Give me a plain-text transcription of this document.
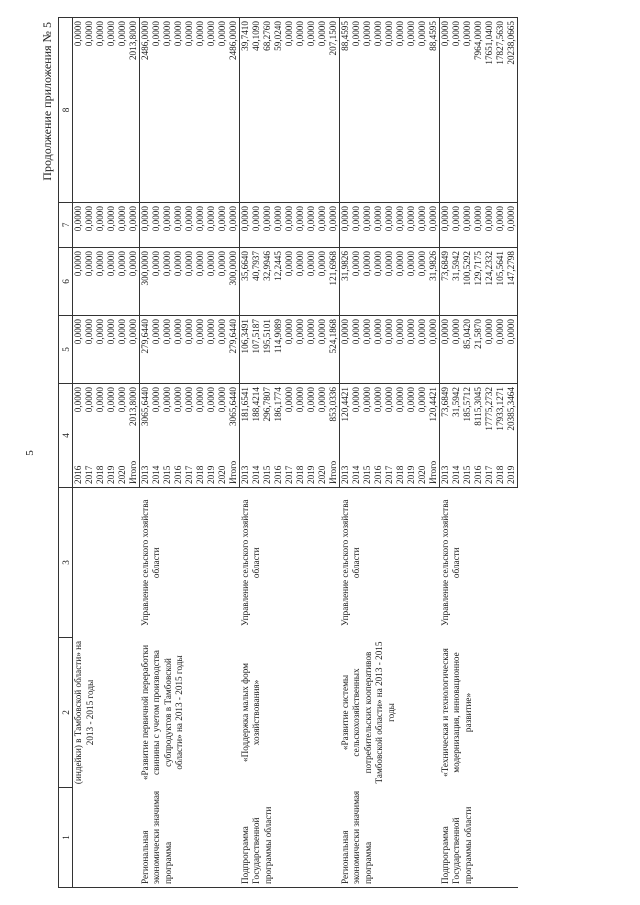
5
Продолжение приложения № 5
1	2	3	4		5	6	7	8
	(индейки) в Тамбовской области» на 2013 - 2015 годы		2016	0,0000	0,0000	0,0000	0,0000	0,0000
			2017	0,0000	0,0000	0,0000	0,0000	0,0000
			2018	0,0000	0,0000	0,0000	0,0000	0,0000
			2019	0,0000	0,0000	0,0000	0,0000	0,0000
			2020	0,0000	0,0000	0,0000	0,0000	0,0000
			Итого	2013,8000	0,0000	0,0000	0,0000	2013,8000
Региональная экономически значимая программа	«Развитие первичной переработки свинины с учетом производства субпродуктов в Тамбовской области» на 2013 - 2015 годы	Управление сельского хозяйства области	2013	3065,6440	279,6440	300,0000	0,0000	2486,0000
			2014	0,0000	0,0000	0,0000	0,0000	0,0000
			2015	0,0000	0,0000	0,0000	0,0000	0,0000
			2016	0,0000	0,0000	0,0000	0,0000	0,0000
			2017	0,0000	0,0000	0,0000	0,0000	0,0000
			2018	0,0000	0,0000	0,0000	0,0000	0,0000
			2019	0,0000	0,0000	0,0000	0,0000	0,0000
			2020	0,0000	0,0000	0,0000	0,0000	0,0000
			Итого	3065,6440	279,6440	300,0000	0,0000	2486,0000
Подпрограмма Государственной программы области	«Поддержка малых форм хозяйствования»	Управление сельского хозяйства области	2013	181,6541	106,3491	35,6640	0,0000	39,7410
			2014	188,4214	107,5187	40,7937	0,0000	40,1090
			2015	296,7807	195,5101	32,9946	0,0000	68,2760
			2016	186,1774	114,9089	12,2445	0,0000	59,0240
			2017	0,0000	0,0000	0,0000	0,0000	0,0000
			2018	0,0000	0,0000	0,0000	0,0000	0,0000
			2019	0,0000	0,0000	0,0000	0,0000	0,0000
			2020	0,0000	0,0000	0,0000	0,0000	0,0000
			Итого	853,0336	524,1868	121,6968	0,0000	207,1500
Региональная экономически значимая программа	«Развитие системы сельскохозяйственных потребительских кооперативов Тамбовской области» на 2013 - 2015 годы	Управление сельского хозяйства области	2013	120,4421	0,0000	31,9826	0,0000	88,4595
			2014	0,0000	0,0000	0,0000	0,0000	0,0000
			2015	0,0000	0,0000	0,0000	0,0000	0,0000
			2016	0,0000	0,0000	0,0000	0,0000	0,0000
			2017	0,0000	0,0000	0,0000	0,0000	0,0000
			2018	0,0000	0,0000	0,0000	0,0000	0,0000
			2019	0,0000	0,0000	0,0000	0,0000	0,0000
			2020	0,0000	0,0000	0,0000	0,0000	0,0000
			Итого	120,4421	0,0000	31,9826	0,0000	88,4595
Подпрограмма Государственной программы области	«Техническая и технологическая модернизация, инновационное развитие»	Управление сельского хозяйства области	2013	73,6849	0,0000	73,6849	0,0000	0,0000
			2014	31,5942	0,0000	31,5942	0,0000	0,0000
			2015	185,5712	85,0420	100,5292	0,0000	0,0000
			2016	8115,3045	21,5870	129,7175	0,0000	7964,0000
			2017	17775,2732	0,0000	124,2332	0,0000	17651,0400
			2018	17933,1271	0,0000	105,5641	0,0000	17827,5630
			2019	20385,3464	0,0000	147,2798	0,0000	20238,0665
